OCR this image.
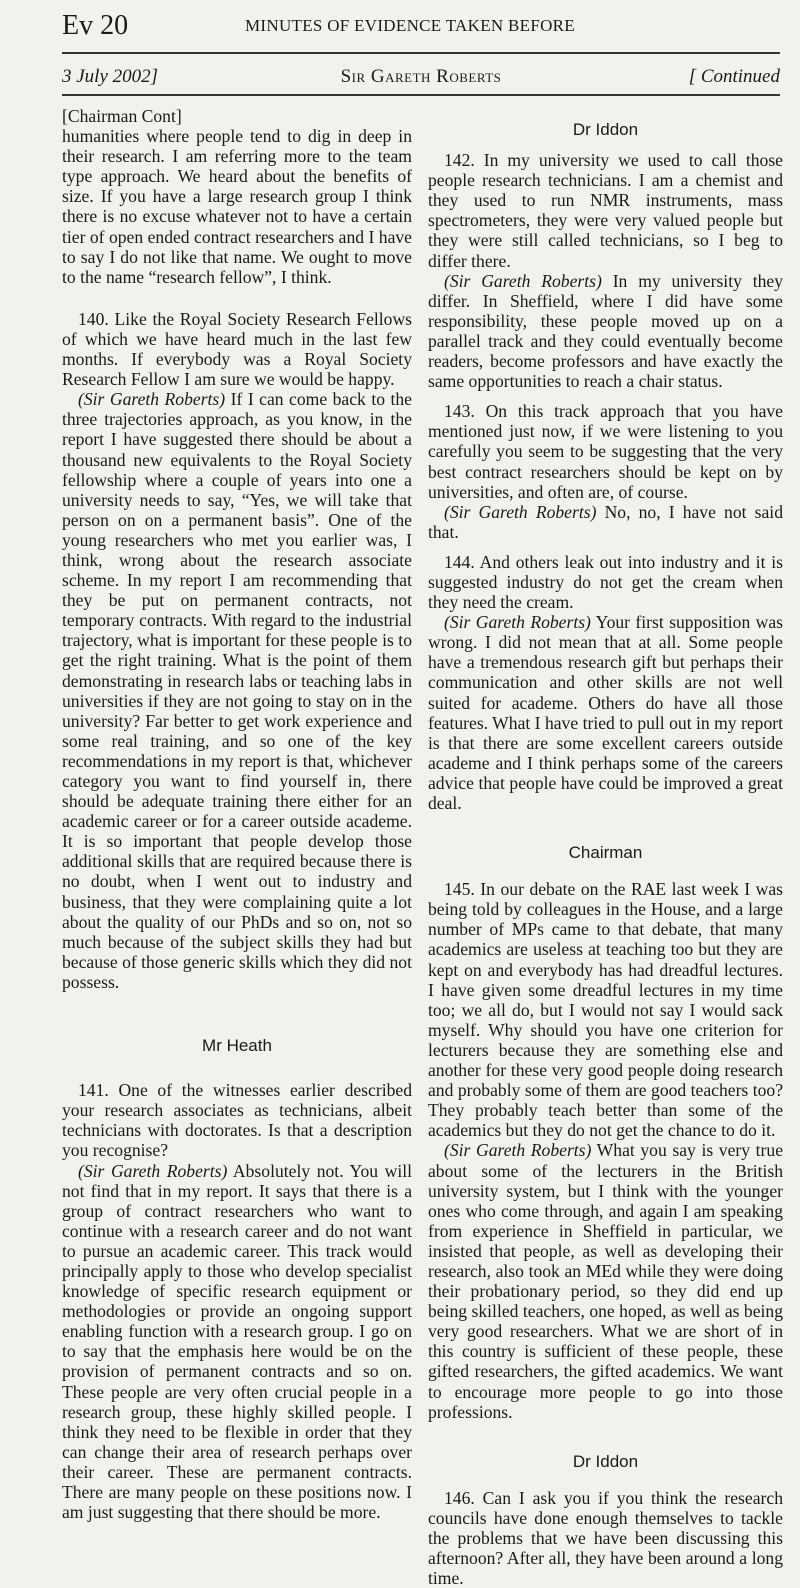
Ev 20	MINUTES OF EVIDENCE TAKEN BEFORE
3 July 2002]	Sir Gareth Roberts	[ Continued

[Chairman Cont]

humanities where people tend to dig in deep in their research. I am referring more to the team type approach. We heard about the benefits of size. If you have a large research group I think there is no excuse whatever not to have a certain tier of open ended contract researchers and I have to say I do not like that name. We ought to move to the name “research fellow”, I think.

140. Like the Royal Society Research Fellows of which we have heard much in the last few months. If everybody was a Royal Society Research Fellow I am sure we would be happy.

(Sir Gareth Roberts) If I can come back to the three trajectories approach, as you know, in the report I have suggested there should be about a thousand new equivalents to the Royal Society fellowship where a couple of years into one a university needs to say, “Yes, we will take that person on on a permanent basis”. One of the young researchers who met you earlier was, I think, wrong about the research associate scheme. In my report I am recommending that they be put on permanent contracts, not temporary contracts. With regard to the industrial trajectory, what is important for these people is to get the right training. What is the point of them demonstrating in research labs or teaching labs in universities if they are not going to stay on in the university? Far better to get work experience and some real training, and so one of the key recommendations in my report is that, whichever category you want to find yourself in, there should be adequate training there either for an academic career or for a career outside academe. It is so important that people develop those additional skills that are required because there is no doubt, when I went out to industry and business, that they were complaining quite a lot about the quality of our PhDs and so on, not so much because of the subject skills they had but because of those generic skills which they did not possess.

Mr Heath

141. One of the witnesses earlier described your research associates as technicians, albeit technicians with doctorates. Is that a description you recognise?

(Sir Gareth Roberts) Absolutely not. You will not find that in my report. It says that there is a group of contract researchers who want to continue with a research career and do not want to pursue an academic career. This track would principally apply to those who develop specialist knowledge of specific research equipment or methodologies or provide an ongoing support enabling function with a research group. I go on to say that the emphasis here would be on the provision of permanent contracts and so on. These people are very often crucial people in a research group, these highly skilled people. I think they need to be flexible in order that they can change their area of research perhaps over their career. These are permanent contracts. There are many people on these positions now. I am just suggesting that there should be more.

Dr Iddon

142. In my university we used to call those people research technicians. I am a chemist and they used to run NMR instruments, mass spectrometers, they were very valued people but they were still called technicians, so I beg to differ there.

(Sir Gareth Roberts) In my university they differ. In Sheffield, where I did have some responsibility, these people moved up on a parallel track and they could eventually become readers, become professors and have exactly the same opportunities to reach a chair status.

143. On this track approach that you have mentioned just now, if we were listening to you carefully you seem to be suggesting that the very best contract researchers should be kept on by universities, and often are, of course.

(Sir Gareth Roberts) No, no, I have not said that.

144. And others leak out into industry and it is suggested industry do not get the cream when they need the cream.

(Sir Gareth Roberts) Your first supposition was wrong. I did not mean that at all. Some people have a tremendous research gift but perhaps their communication and other skills are not well suited for academe. Others do have all those features. What I have tried to pull out in my report is that there are some excellent careers outside academe and I think perhaps some of the careers advice that people have could be improved a great deal.

Chairman

145. In our debate on the RAE last week I was being told by colleagues in the House, and a large number of MPs came to that debate, that many academics are useless at teaching too but they are kept on and everybody has had dreadful lectures. I have given some dreadful lectures in my time too; we all do, but I would not say I would sack myself. Why should you have one criterion for lecturers because they are something else and another for these very good people doing research and probably some of them are good teachers too? They probably teach better than some of the academics but they do not get the chance to do it.

(Sir Gareth Roberts) What you say is very true about some of the lecturers in the British university system, but I think with the younger ones who come through, and again I am speaking from experience in Sheffield in particular, we insisted that people, as well as developing their research, also took an MEd while they were doing their probationary period, so they did end up being skilled teachers, one hoped, as well as being very good researchers. What we are short of in this country is sufficient of these people, these gifted researchers, the gifted academics. We want to encourage more people to go into those professions.

Dr Iddon

146. Can I ask you if you think the research councils have done enough themselves to tackle the problems that we have been discussing this afternoon? After all, they have been around a long time.
